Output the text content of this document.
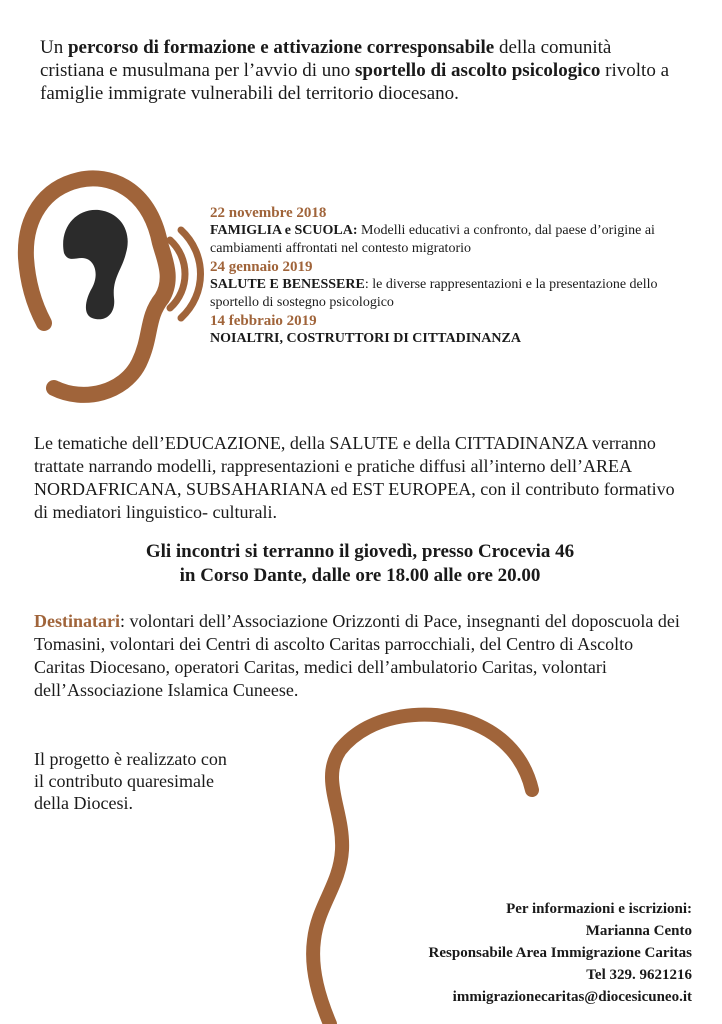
Un percorso di formazione e attivazione corresponsabile della comunità cristiana e musulmana per l’avvio di uno sportello di ascolto psicologico rivolto a famiglie immigrate vulnerabili del territorio diocesano.
22 novembre 2018
FAMIGLIA e SCUOLA: Modelli educativi a confronto, dal paese d’origine ai cambiamenti affrontati nel contesto migratorio
24 gennaio 2019
SALUTE E BENESSERE: le diverse rappresentazioni e la presentazione dello sportello di sostegno psicologico
14 febbraio 2019
NOIALTRI, COSTRUTTORI DI CITTADINANZA
Le tematiche dell’EDUCAZIONE, della SALUTE e della CITTADINANZA verranno trattate narrando modelli, rappresentazioni e pratiche diffusi all’interno dell’AREA NORDAFRICANA, SUBSAHARIANA ed EST EUROPEA, con il contributo formativo di mediatori linguistico- culturali.
Gli incontri si terranno il giovedì, presso Crocevia 46
in Corso Dante, dalle ore 18.00 alle ore 20.00
Destinatari: volontari dell’Associazione Orizzonti di Pace, insegnanti del doposcuola dei Tomasini, volontari dei Centri di ascolto Caritas parrocchiali, del Centro di Ascolto Caritas Diocesano, operatori Caritas, medici dell’ambulatorio Caritas, volontari dell’Associazione Islamica Cuneese.
Il progetto è realizzato con
il contributo quaresimale
della Diocesi.
Per informazioni e iscrizioni:
Marianna Cento
Responsabile Area Immigrazione Caritas
Tel 329. 9621216
immigrazionecaritas@diocesicuneo.it
